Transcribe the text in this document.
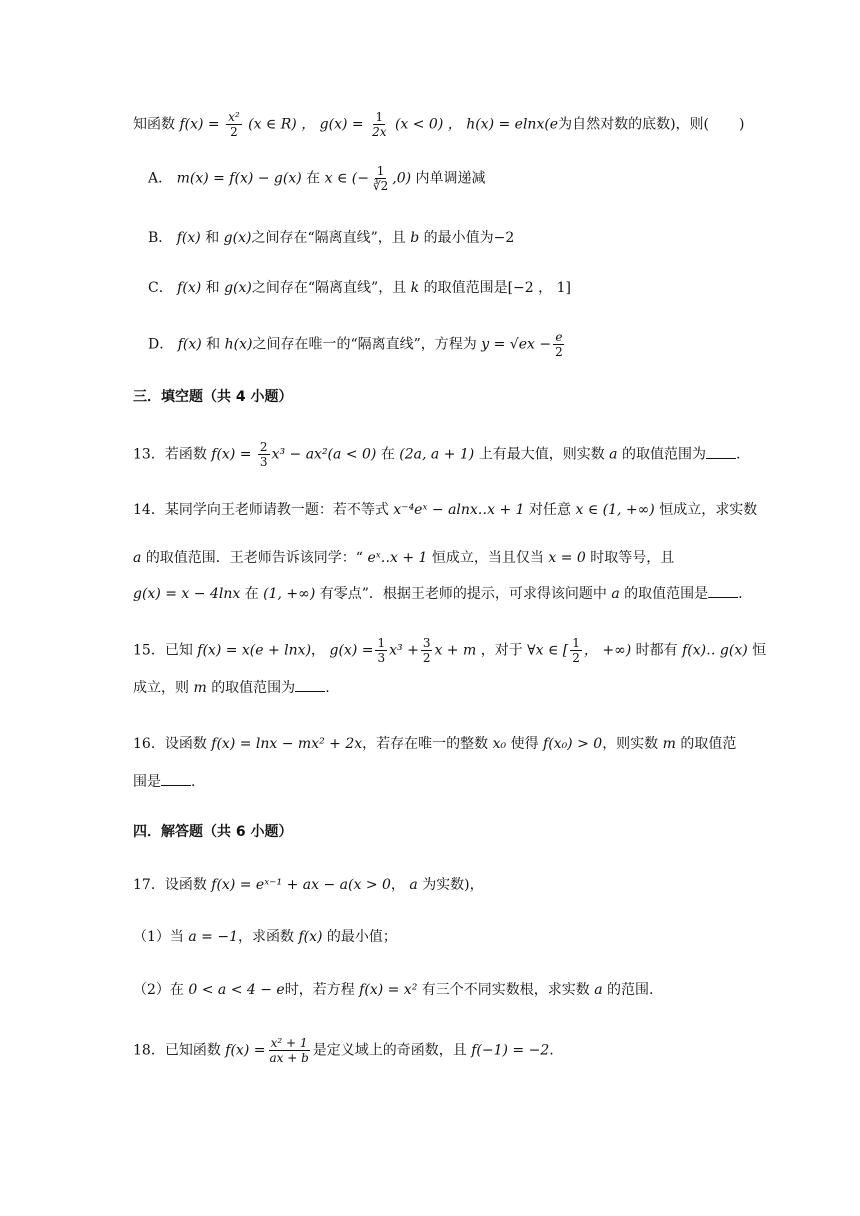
知函数 $f(x) = \frac{\text{x²}}{2} (x$ ∈ R) ， $g(x) = \frac{1}{2x} (x < 0)$ ， h(x) = elnx(e为自然对数的底数)，则( )
A． m(x) = f(x) − g(x) 在 x ∈ (− $\frac{1}{∛2} ,0$) 内单调递减
B． f(x) 和 g(x)之间存在“隔离直线”，且 b 的最小值为−2
C． f(x) 和 g(x)之间存在“隔离直线”，且 k 的取值范围是[−2 ， 1]
D． f(x) 和 h(x)之间存在唯一的“隔离直线”，方程为 $y = √ex - \frac{e}{2}$
三．填空题（共 4 小题）
13．若函数 $f(x) = \frac{2}{3} x^3 - ax^2(a < 0)$ 在 (2a, a + 1) 上有最大值，则实数 a 的取值范围为 .
14．某同学向王老师请教一题：若不等式 x⁻⁴eˣ − alnx‥x + 1 对任意 x ∈ (1, +∞) 恒成立，求实数
a 的取值范围．王老师告诉该同学：“ eˣ‥x + 1 恒成立，当且仅当 x = 0 时取等号，且
g(x) = x − 4lnx 在 (1, +∞) 有零点”．根据王老师的提示，可求得该问题中 a 的取值范围是 .
15．已知 f(x) = x(e + lnx)， $g(x) = \frac{1}{3} x^3 + \frac{3}{2}$ x + m ，对于 ∀x ∈ [ $\frac{1}{2}$ ， +∞) 时都有 f(x)‥ g(x) 恒
成立，则 m 的取值范围为 .
16．设函数 f(x) = lnx − mx² + 2x，若存在唯一的整数 x₀ 使得 f(x₀) > 0，则实数 m 的取值范
围是 .
四．解答题（共 6 小题）
17．设函数 f(x) = eˣ⁻¹ + ax − a(x > 0， a 为实数)，
（1）当 a = −1，求函数 f(x) 的最小值；
（2）在 0 < a < 4 − e时，若方程 f(x) = x² 有三个不同实数根，求实数 a 的范围.
18．已知函数 $f(x) = \frac{\text{x² + 1}}{ax + b}$ 是定义域上的奇函数，且 f(−1) = −2.
